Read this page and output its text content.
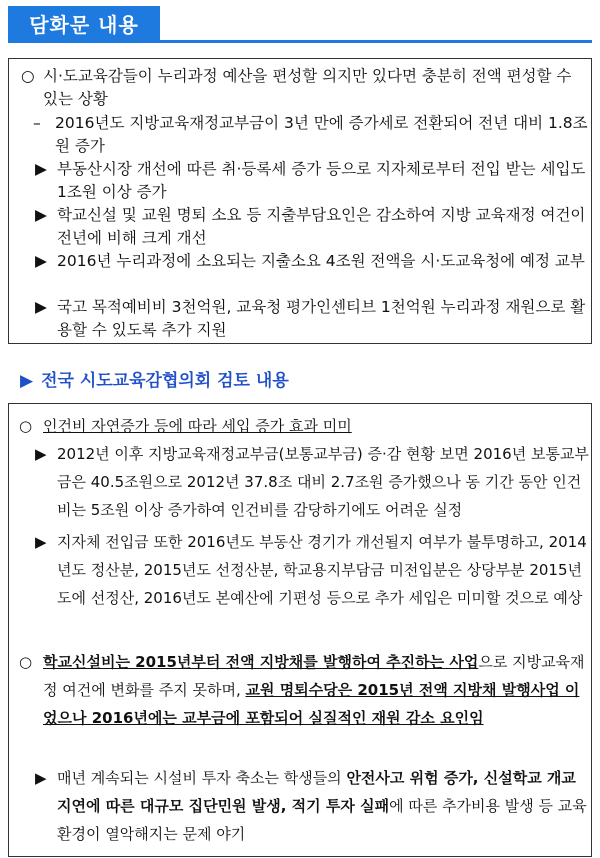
담화문 내용
○ 시·도교육감들이 누리과정 예산을 편성할 의지만 있다면 충분히 전액 편성할 수 있는 상황
– 2016년도 지방교육재정교부금이 3년 만에 증가세로 전환되어 전년 대비 1.8조원 증가
▶ 부동산시장 개선에 따른 취·등록세 증가 등으로 지자체로부터 전입 받는 세입도 1조원 이상 증가
▶ 학교신설 및 교원 명퇴 소요 등 지출부담요인은 감소하여 지방 교육재정 여건이 전년에 비해 크게 개선
▶ 2016년 누리과정에 소요되는 지출소요 4조원 전액을 시·도교육청에 예정 교부
▶ 국고 목적예비비 3천억원, 교육청 평가인센티브 1천억원 누리과정 재원으로 활용할 수 있도록 추가 지원
▶ 전국 시도교육감협의회 검토 내용
○ 인건비 자연증가 등에 따라 세입 증가 효과 미미
▶ 2012년 이후 지방교육재정교부금(보통교부금) 증·감 현황 보면 2016년 보통교부금은 40.5조원으로 2012년 37.8조 대비 2.7조원 증가했으나 동 기간 동안 인건비는 5조원 이상 증가하여 인건비를 감당하기에도 어려운 실정
▶ 지자체 전입금 또한 2016년도 부동산 경기가 개선될지 여부가 불투명하고, 2014년도 정산분, 2015년도 선정산분, 학교용지부담금 미전입분은 상당부분 2015년도에 선정산, 2016년도 본예산에 기편성 등으로 추가 세입은 미미할 것으로 예상
○ 학교신설비는 2015년부터 전액 지방채를 발행하여 추진하는 사업으로 지방교육재정 여건에 변화를 주지 못하며, 교원 명퇴수당은 2015년 전액 지방채 발행사업 이었으나 2016년에는 교부금에 포함되어 실질적인 재원 감소 요인임
▶ 매년 계속되는 시설비 투자 축소는 학생들의 안전사고 위험 증가, 신설학교 개교 지연에 따른 대규모 집단민원 발생, 적기 투자 실패에 따른 추가비용 발생 등 교육환경이 열악해지는 문제 야기
